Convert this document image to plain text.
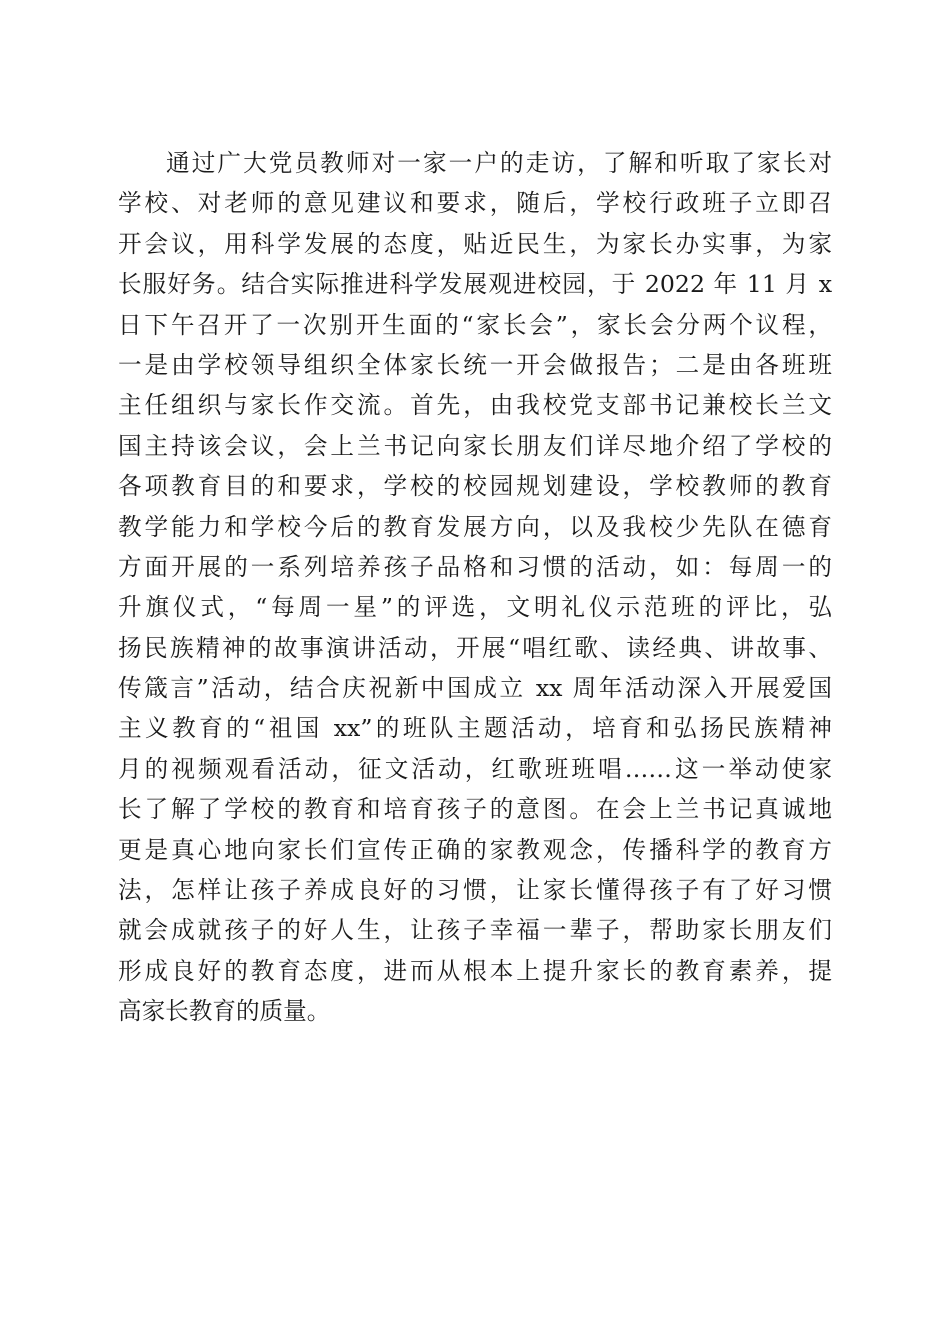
通过广大党员教师对一家一户的走访，了解和听取了家长对
学校、对老师的意见建议和要求，随后，学校行政班子立即召
开会议，用科学发展的态度，贴近民生，为家长办实事，为家
长服好务。结合实际推进科学发展观进校园，于 2022 年 11 月 x
日下午召开了一次别开生面的“家长会”，家长会分两个议程，
一是由学校领导组织全体家长统一开会做报告；二是由各班班
主任组织与家长作交流。首先，由我校党支部书记兼校长兰文
国主持该会议，会上兰书记向家长朋友们详尽地介绍了学校的
各项教育目的和要求，学校的校园规划建设，学校教师的教育
教学能力和学校今后的教育发展方向，以及我校少先队在德育
方面开展的一系列培养孩子品格和习惯的活动，如：每周一的
升旗仪式，“每周一星”的评选，文明礼仪示范班的评比，弘
扬民族精神的故事演讲活动，开展“唱红歌、读经典、讲故事、
传箴言”活动，结合庆祝新中国成立 xx 周年活动深入开展爱国
主义教育的“祖国 xx”的班队主题活动，培育和弘扬民族精神
月的视频观看活动，征文活动，红歌班班唱……这一举动使家
长了解了学校的教育和培育孩子的意图。在会上兰书记真诚地
更是真心地向家长们宣传正确的家教观念，传播科学的教育方
法，怎样让孩子养成良好的习惯，让家长懂得孩子有了好习惯
就会成就孩子的好人生，让孩子幸福一辈子，帮助家长朋友们
形成良好的教育态度，进而从根本上提升家长的教育素养，提
高家长教育的质量。
